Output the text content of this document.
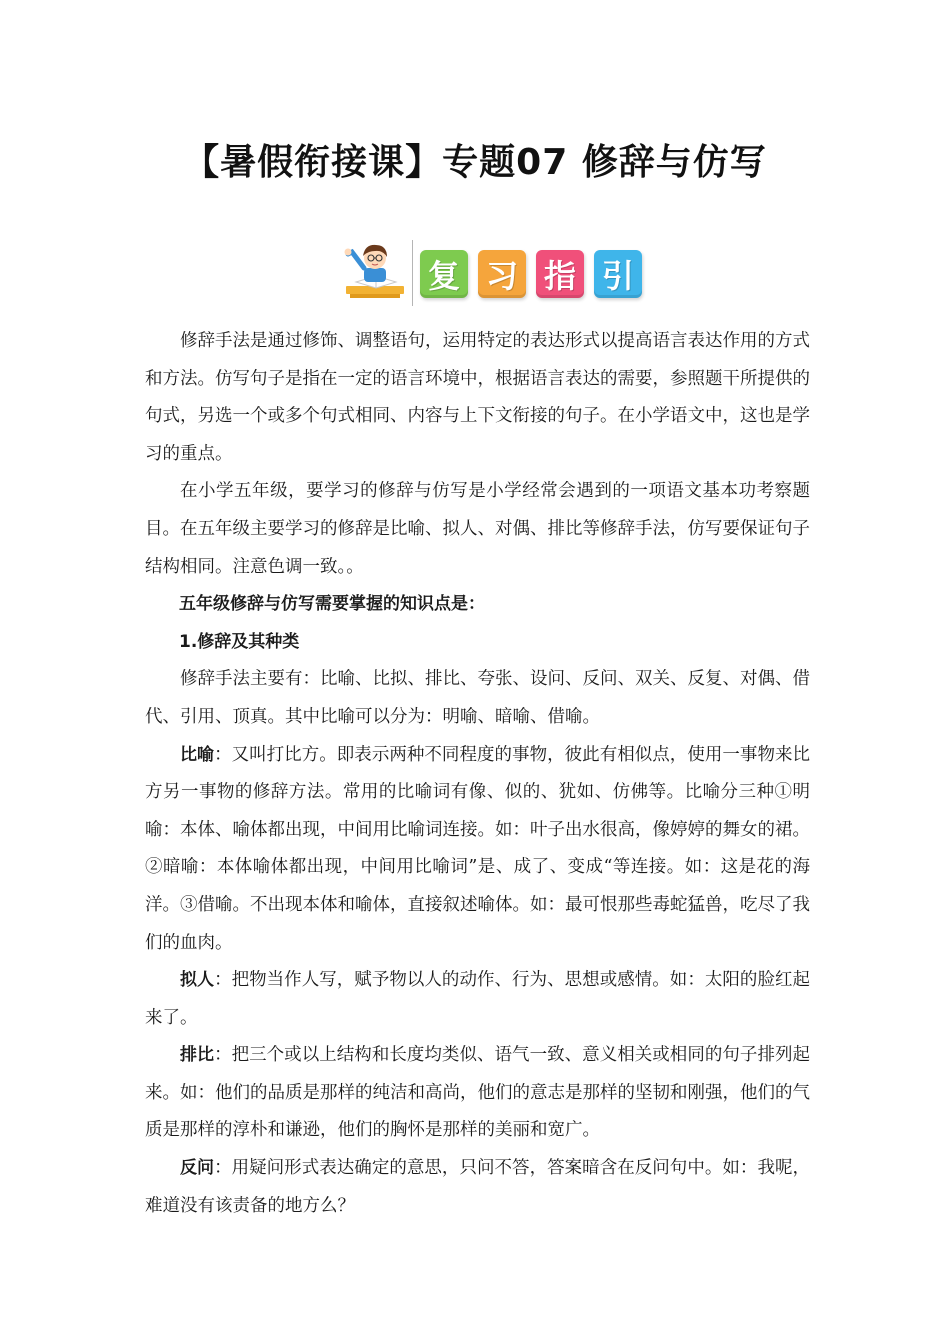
【暑假衔接课】专题07 修辞与仿写
复 习 指 引

修辞手法是通过修饰、调整语句，运用特定的表达形式以提高语言表达作用的方式和方法。仿写句子是指在一定的语言环境中，根据语言表达的需要，参照题干所提供的句式，另选一个或多个句式相同、内容与上下文衔接的句子。在小学语文中，这也是学习的重点。

在小学五年级，要学习的修辞与仿写是小学经常会遇到的一项语文基本功考察题目。在五年级主要学习的修辞是比喻、拟人、对偶、排比等修辞手法，仿写要保证句子结构相同。注意色调一致。。

五年级修辞与仿写需要掌握的知识点是：

1.修辞及其种类

修辞手法主要有：比喻、比拟、排比、夸张、设问、反问、双关、反复、对偶、借代、引用、顶真。其中比喻可以分为：明喻、暗喻、借喻。

比喻：又叫打比方。即表示两种不同程度的事物，彼此有相似点，使用一事物来比方另一事物的修辞方法。常用的比喻词有像、似的、犹如、仿佛等。比喻分三种①明喻：本体、喻体都出现，中间用比喻词连接。如：叶子出水很高，像婷婷的舞女的裙。②暗喻：本体喻体都出现，中间用比喻词”是、成了、变成“等连接。如：这是花的海洋。③借喻。不出现本体和喻体，直接叙述喻体。如：最可恨那些毒蛇猛兽，吃尽了我们的血肉。

拟人：把物当作人写，赋予物以人的动作、行为、思想或感情。如：太阳的脸红起来了。

排比：把三个或以上结构和长度均类似、语气一致、意义相关或相同的句子排列起来。如：他们的品质是那样的纯洁和高尚，他们的意志是那样的坚韧和刚强，他们的气质是那样的淳朴和谦逊，他们的胸怀是那样的美丽和宽广。

反问：用疑问形式表达确定的意思，只问不答，答案暗含在反问句中。如：我呢，难道没有该责备的地方么？
